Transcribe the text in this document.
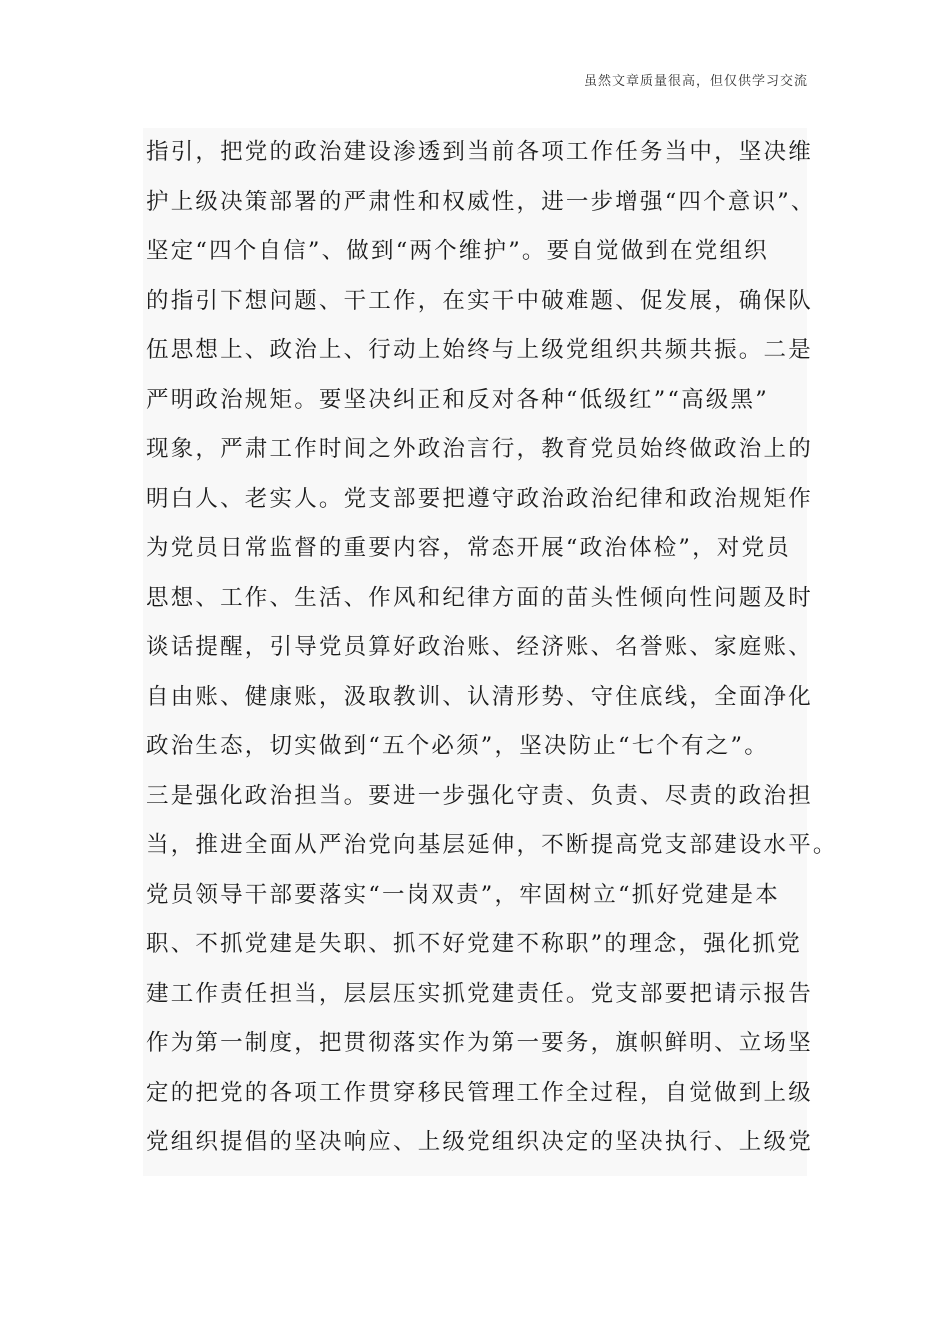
虽然文章质量很高，但仅供学习交流
指引，把党的政治建设渗透到当前各项工作任务当中，坚决维
护上级决策部署的严肃性和权威性，进一步增强“四个意识”、
坚定“四个自信”、做到“两个维护”。要自觉做到在党组织
的指引下想问题、干工作，在实干中破难题、促发展，确保队
伍思想上、政治上、行动上始终与上级党组织共频共振。二是
严明政治规矩。要坚决纠正和反对各种“低级红”“高级黑”
现象，严肃工作时间之外政治言行，教育党员始终做政治上的
明白人、老实人。党支部要把遵守政治政治纪律和政治规矩作
为党员日常监督的重要内容，常态开展“政治体检”，对党员
思想、工作、生活、作风和纪律方面的苗头性倾向性问题及时
谈话提醒，引导党员算好政治账、经济账、名誉账、家庭账、
自由账、健康账，汲取教训、认清形势、守住底线，全面净化
政治生态，切实做到“五个必须”，坚决防止“七个有之”。
三是强化政治担当。要进一步强化守责、负责、尽责的政治担
当，推进全面从严治党向基层延伸，不断提高党支部建设水平。
党员领导干部要落实“一岗双责”，牢固树立“抓好党建是本
职、不抓党建是失职、抓不好党建不称职”的理念，强化抓党
建工作责任担当，层层压实抓党建责任。党支部要把请示报告
作为第一制度，把贯彻落实作为第一要务，旗帜鲜明、立场坚
定的把党的各项工作贯穿移民管理工作全过程，自觉做到上级
党组织提倡的坚决响应、上级党组织决定的坚决执行、上级党
